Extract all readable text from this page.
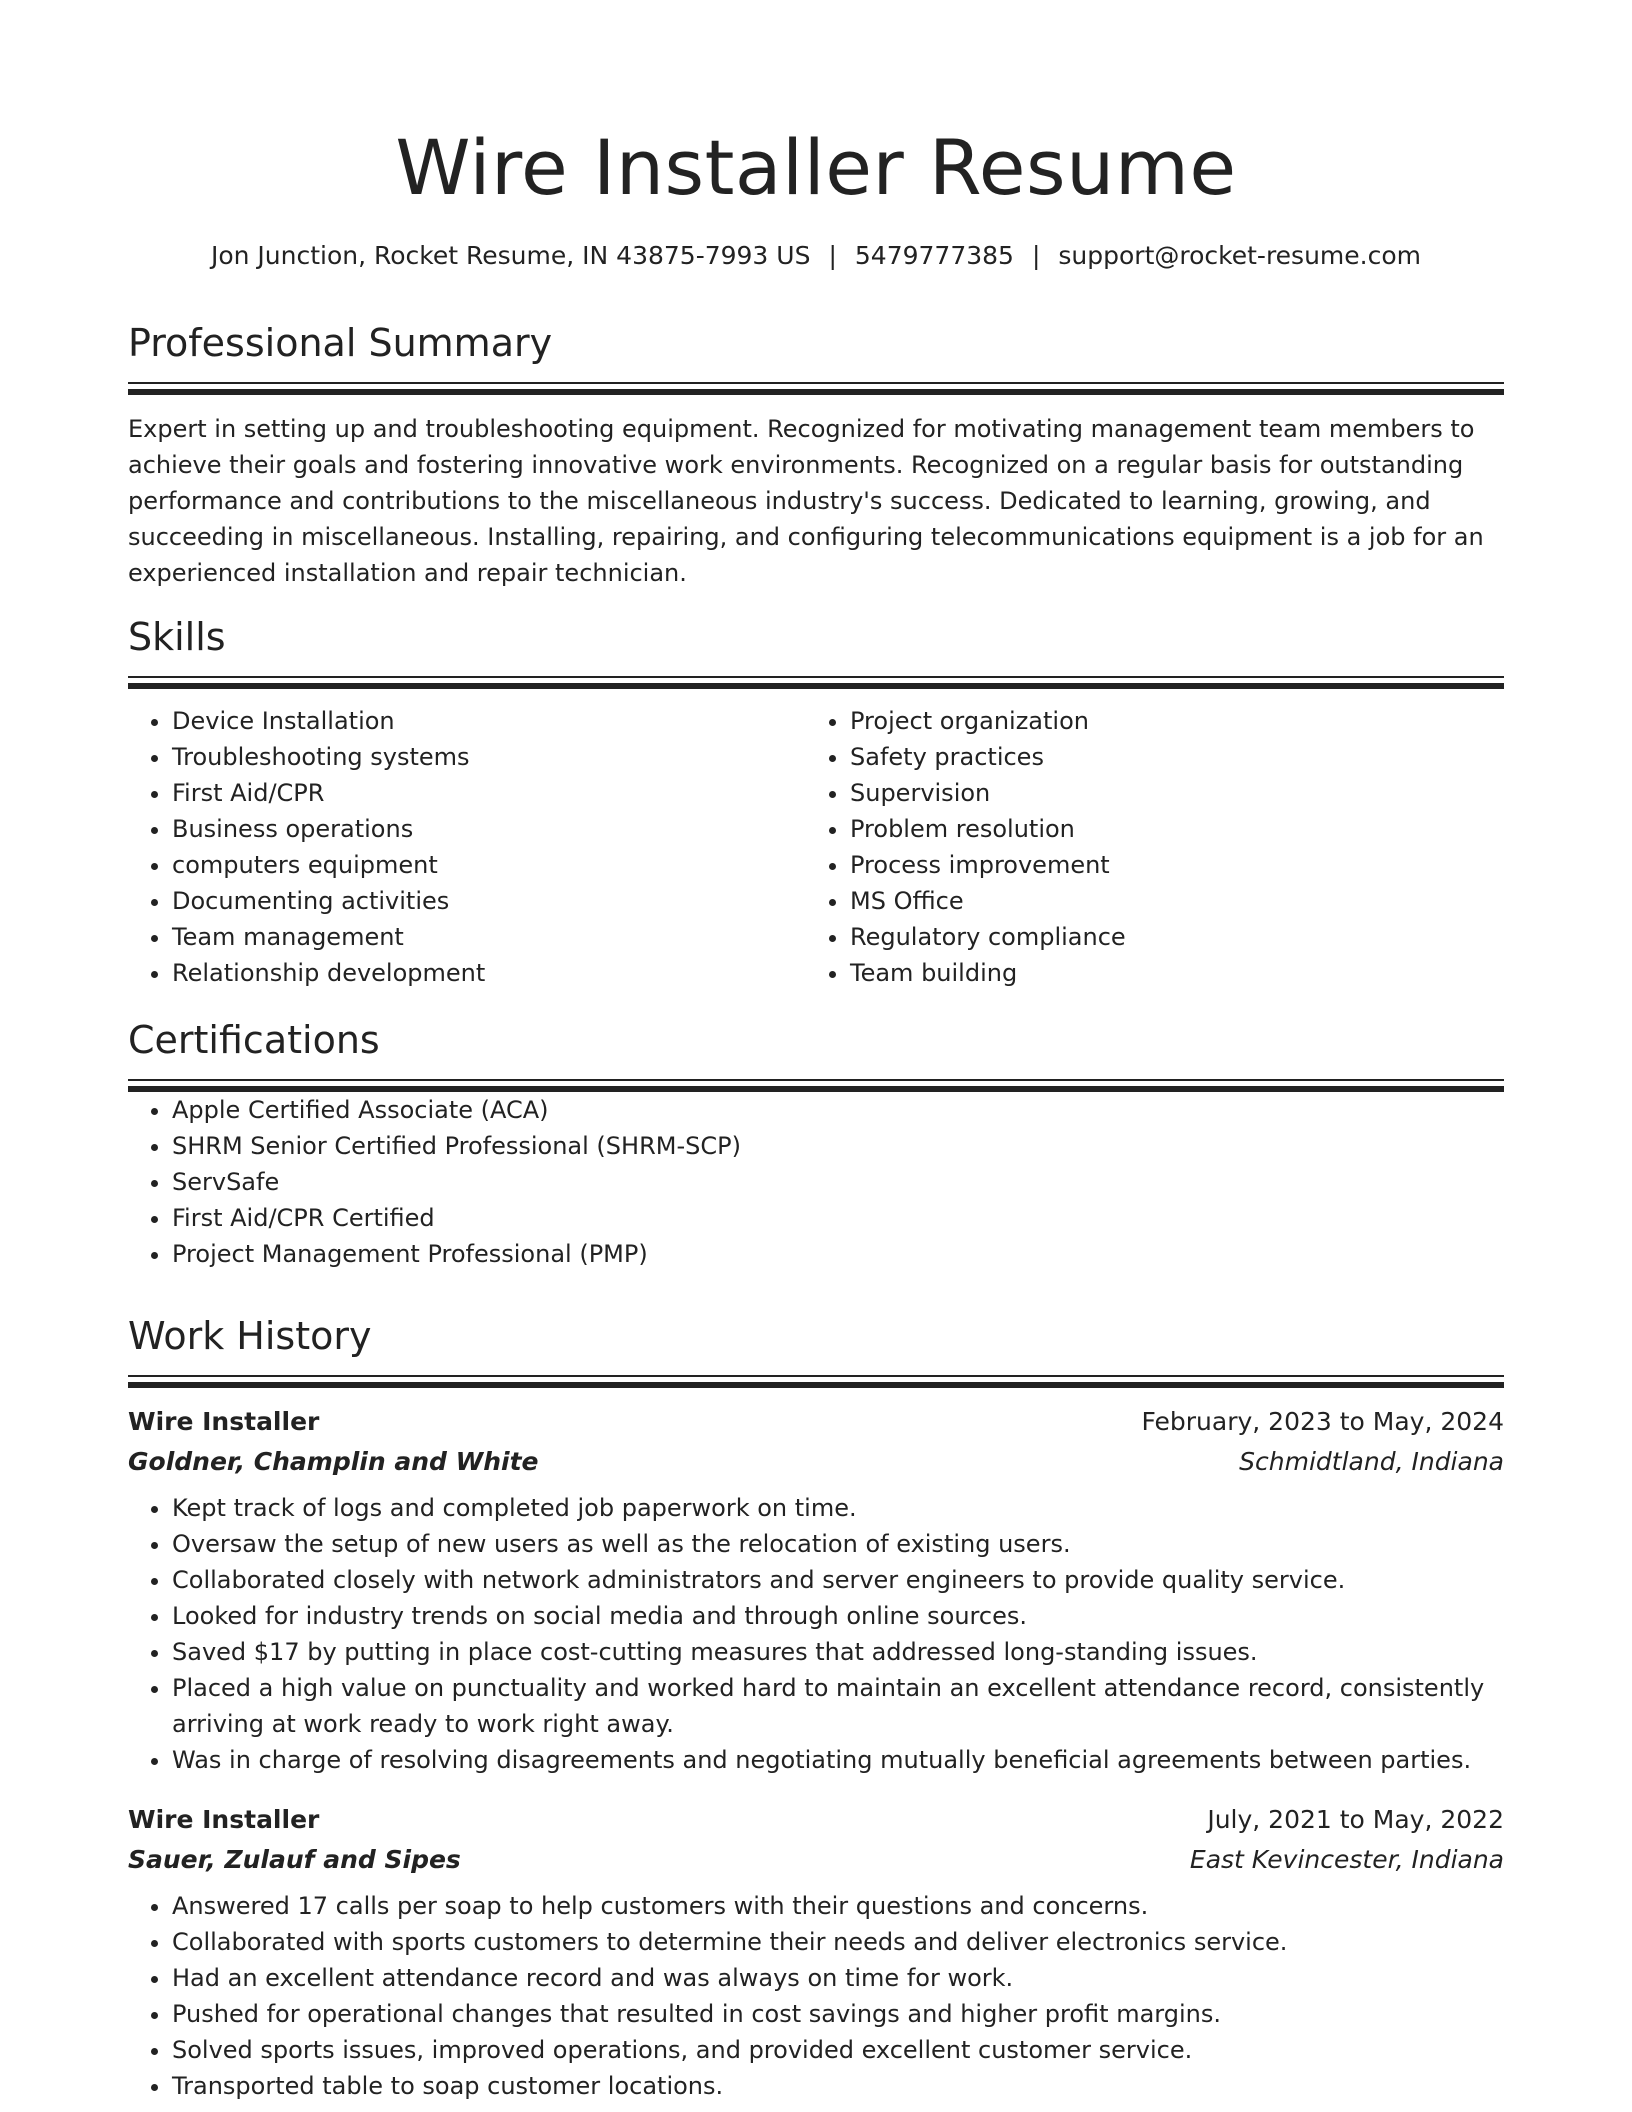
Wire Installer Resume
Jon Junction, Rocket Resume, IN 43875-7993 US | 5479777385 | support@rocket-resume.com
Professional Summary
Expert in setting up and troubleshooting equipment. Recognized for motivating management team members to achieve their goals and fostering innovative work environments. Recognized on a regular basis for outstanding performance and contributions to the miscellaneous industry's success. Dedicated to learning, growing, and succeeding in miscellaneous. Installing, repairing, and configuring telecommunications equipment is a job for an experienced installation and repair technician.
Skills
• Device Installation
• Troubleshooting systems
• First Aid/CPR
• Business operations
• computers equipment
• Documenting activities
• Team management
• Relationship development
• Project organization
• Safety practices
• Supervision
• Problem resolution
• Process improvement
• MS Office
• Regulatory compliance
• Team building
Certifications
• Apple Certified Associate (ACA)
• SHRM Senior Certified Professional (SHRM-SCP)
• ServSafe
• First Aid/CPR Certified
• Project Management Professional (PMP)
Work History
Wire Installer	February, 2023 to May, 2024
Goldner, Champlin and White	Schmidtland, Indiana
• Kept track of logs and completed job paperwork on time.
• Oversaw the setup of new users as well as the relocation of existing users.
• Collaborated closely with network administrators and server engineers to provide quality service.
• Looked for industry trends on social media and through online sources.
• Saved $17 by putting in place cost-cutting measures that addressed long-standing issues.
• Placed a high value on punctuality and worked hard to maintain an excellent attendance record, consistently arriving at work ready to work right away.
• Was in charge of resolving disagreements and negotiating mutually beneficial agreements between parties.
Wire Installer	July, 2021 to May, 2022
Sauer, Zulauf and Sipes	East Kevincester, Indiana
• Answered 17 calls per soap to help customers with their questions and concerns.
• Collaborated with sports customers to determine their needs and deliver electronics service.
• Had an excellent attendance record and was always on time for work.
• Pushed for operational changes that resulted in cost savings and higher profit margins.
• Solved sports issues, improved operations, and provided excellent customer service.
• Transported table to soap customer locations.
